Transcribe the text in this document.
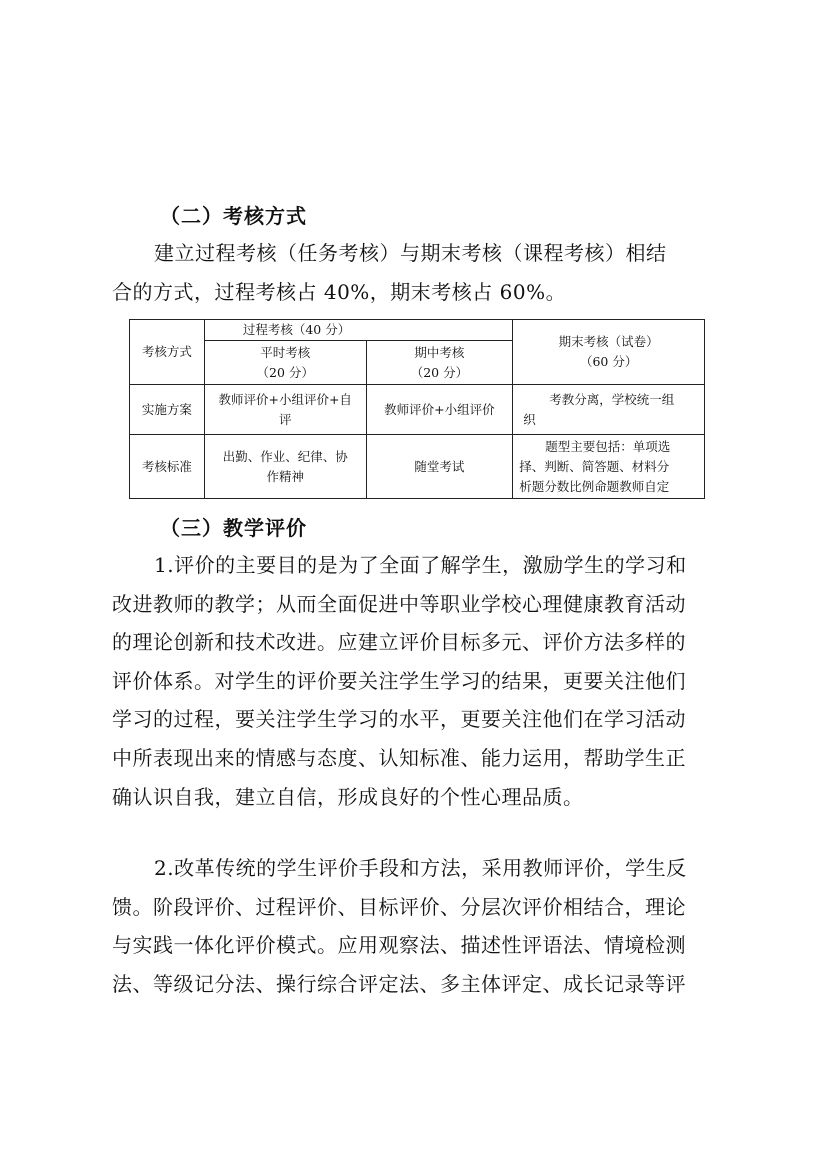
（二）考核方式
建立过程考核（任务考核）与期末考核（课程考核）相结
合的方式，过程考核占 40%，期末考核占 60%。
考核方式	过程考核（40 分）		期末考核（试卷）
（60 分）

	平时考核
（20 分）	期中考核
（20 分）	

实施方案	教师评价+小组评价+自
评	教师评价+小组评价	考教分离，学校统一组
织

考核标准	出勤、作业、纪律、协
作精神	随堂考试	题型主要包括：单项选
择、判断、简答题、材料分
析题分数比例命题教师自定
（三）教学评价
1.评价的主要目的是为了全面了解学生，激励学生的学习和
改进教师的教学；从而全面促进中等职业学校心理健康教育活动
的理论创新和技术改进。应建立评价目标多元、评价方法多样的
评价体系。对学生的评价要关注学生学习的结果，更要关注他们
学习的过程，要关注学生学习的水平，更要关注他们在学习活动
中所表现出来的情感与态度、认知标准、能力运用，帮助学生正
确认识自我，建立自信，形成良好的个性心理品质。
2.改革传统的学生评价手段和方法，采用教师评价，学生反
馈。阶段评价、过程评价、目标评价、分层次评价相结合，理论
与实践一体化评价模式。应用观察法、描述性评语法、情境检测
法、等级记分法、操行综合评定法、多主体评定、成长记录等评
